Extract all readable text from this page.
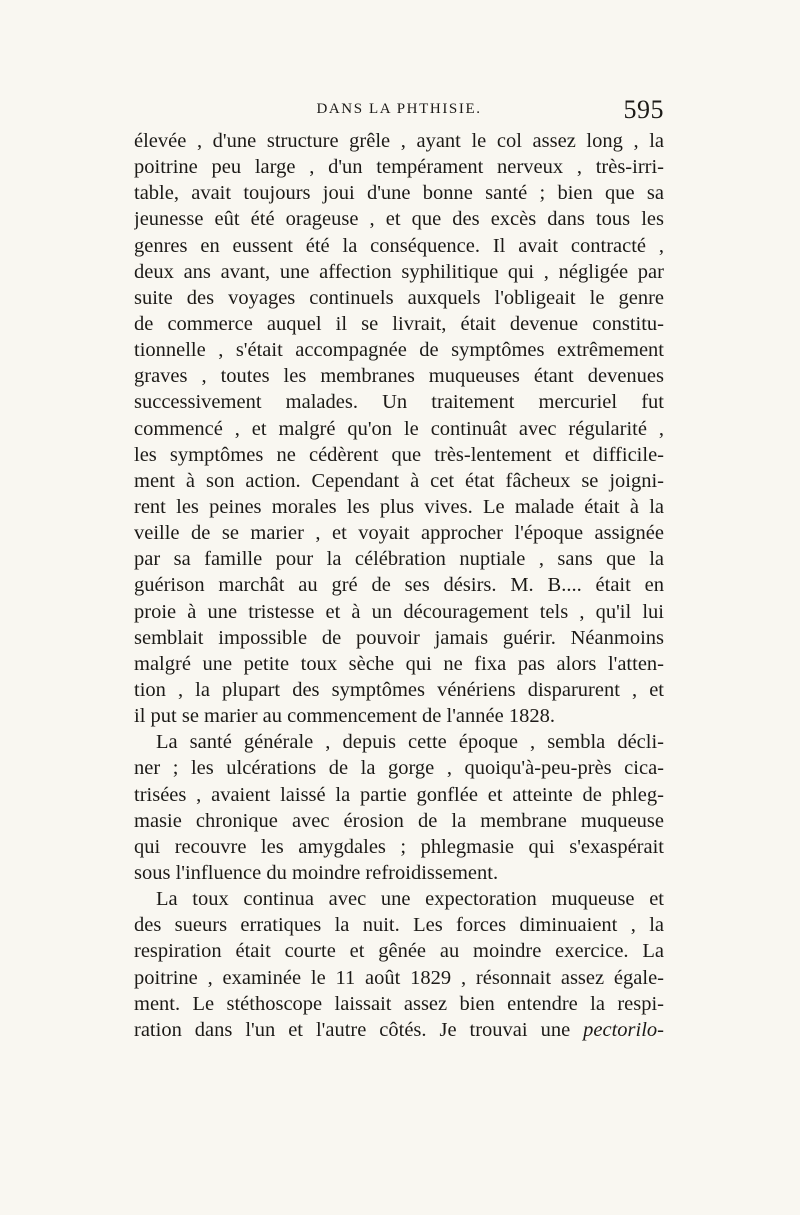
DANS LA PHTHISIE.	595
élevée , d'une structure grêle , ayant le col assez long , la
poitrine peu large , d'un tempérament nerveux , très-irri-
table, avait toujours joui d'une bonne santé ; bien que sa
jeunesse eût été orageuse , et que des excès dans tous les
genres en eussent été la conséquence. Il avait contracté ,
deux ans avant, une affection syphilitique qui , négligée par
suite des voyages continuels auxquels l'obligeait le genre
de commerce auquel il se livrait, était devenue constitu-
tionnelle , s'était accompagnée de symptômes extrêmement
graves , toutes les membranes muqueuses étant devenues
successivement malades. Un traitement mercuriel fut
commencé , et malgré qu'on le continuât avec régularité ,
les symptômes ne cédèrent que très-lentement et difficile-
ment à son action. Cependant à cet état fâcheux se joigni-
rent les peines morales les plus vives. Le malade était à la
veille de se marier , et voyait approcher l'époque assignée
par sa famille pour la célébration nuptiale , sans que la
guérison marchât au gré de ses désirs. M. B.... était en
proie à une tristesse et à un découragement tels , qu'il lui
semblait impossible de pouvoir jamais guérir. Néanmoins
malgré une petite toux sèche qui ne fixa pas alors l'atten-
tion , la plupart des symptômes vénériens disparurent , et
il put se marier au commencement de l'année 1828.
La santé générale , depuis cette époque , sembla décli-
ner ; les ulcérations de la gorge , quoiqu'à-peu-près cica-
trisées , avaient laissé la partie gonflée et atteinte de phleg-
masie chronique avec érosion de la membrane muqueuse
qui recouvre les amygdales ; phlegmasie qui s'exaspérait
sous l'influence du moindre refroidissement.
La toux continua avec une expectoration muqueuse et
des sueurs erratiques la nuit. Les forces diminuaient , la
respiration était courte et gênée au moindre exercice. La
poitrine , examinée le 11 août 1829 , résonnait assez égale-
ment. Le stéthoscope laissait assez bien entendre la respi-
ration dans l'un et l'autre côtés. Je trouvai une pectorilo-
